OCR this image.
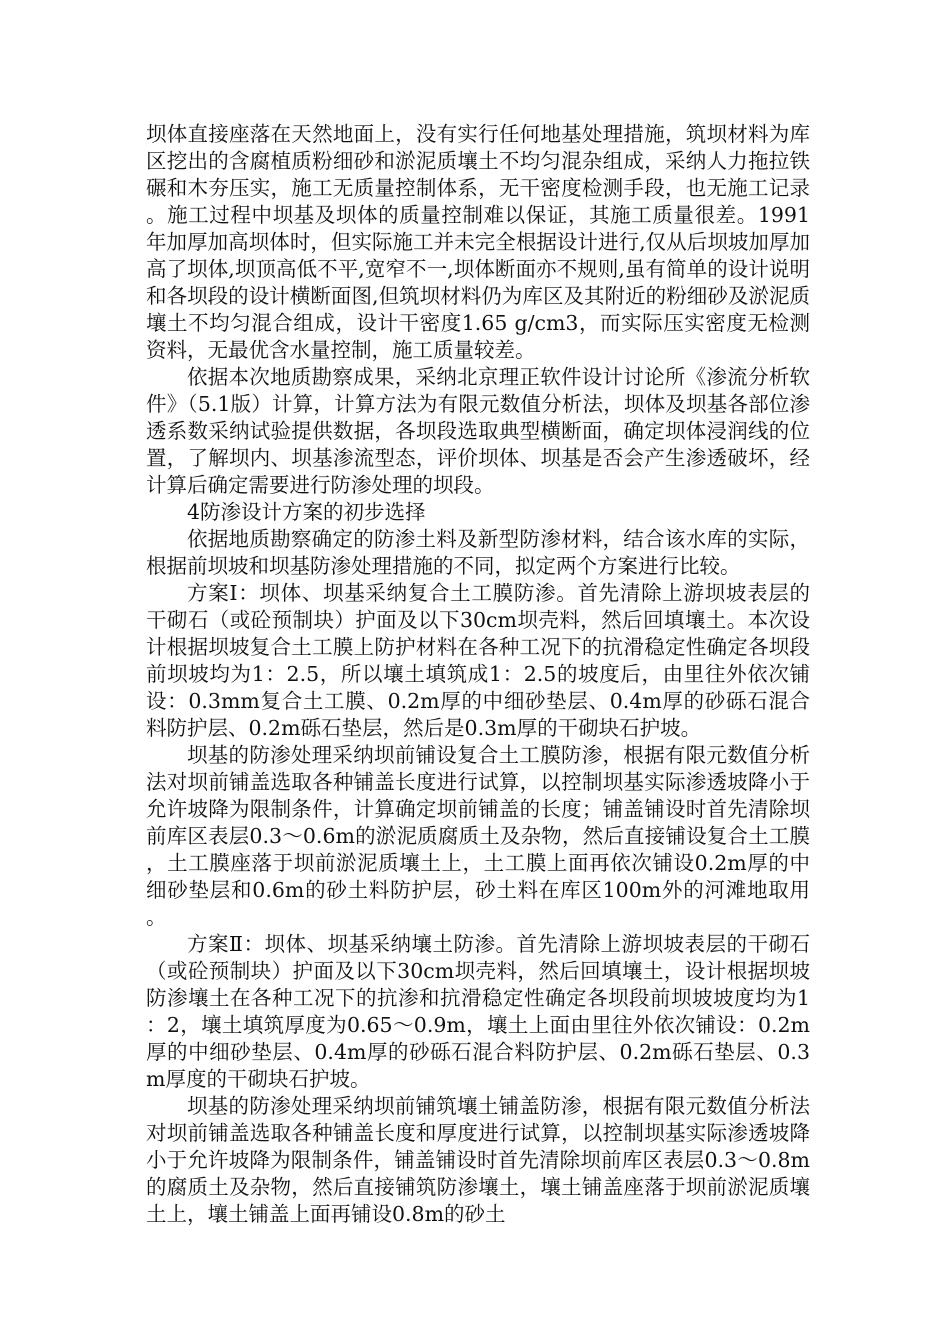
坝体直接座落在天然地面上，没有实行任何地基处理措施，筑坝材料为库区挖出的含腐植质粉细砂和淤泥质壤土不均匀混杂组成，采纳人力拖拉铁碾和木夯压实，施工无质量控制体系，无干密度检测手段，也无施工记录。施工过程中坝基及坝体的质量控制难以保证，其施工质量很差。1991年加厚加高坝体时，但实际施工并未完全根据设计进行,仅从后坝坡加厚加高了坝体,坝顶高低不平,宽窄不一,坝体断面亦不规则,虽有简单的设计说明和各坝段的设计横断面图,但筑坝材料仍为库区及其附近的粉细砂及淤泥质壤土不均匀混合组成，设计干密度1.65 g/cm3，而实际压实密度无检测资料，无最优含水量控制，施工质量较差。

依据本次地质勘察成果，采纳北京理正软件设计讨论所《渗流分析软件》（5.1版）计算，计算方法为有限元数值分析法，坝体及坝基各部位渗透系数采纳试验提供数据，各坝段选取典型横断面，确定坝体浸润线的位置，了解坝内、坝基渗流型态，评价坝体、坝基是否会产生渗透破坏，经计算后确定需要进行防渗处理的坝段。

4防渗设计方案的初步选择

依据地质勘察确定的防渗土料及新型防渗材料，结合该水库的实际，根据前坝坡和坝基防渗处理措施的不同，拟定两个方案进行比较。

方案Ⅰ：坝体、坝基采纳复合土工膜防渗。首先清除上游坝坡表层的干砌石（或砼预制块）护面及以下30cm坝壳料，然后回填壤土。本次设计根据坝坡复合土工膜上防护材料在各种工况下的抗滑稳定性确定各坝段前坝坡均为1：2.5，所以壤土填筑成1：2.5的坡度后，由里往外依次铺设：0.3mm复合土工膜、0.2m厚的中细砂垫层、0.4m厚的砂砾石混合料防护层、0.2m砾石垫层，然后是0.3m厚的干砌块石护坡。

坝基的防渗处理采纳坝前铺设复合土工膜防渗，根据有限元数值分析法对坝前铺盖选取各种铺盖长度进行试算，以控制坝基实际渗透坡降小于允许坡降为限制条件，计算确定坝前铺盖的长度；铺盖铺设时首先清除坝前库区表层0.3～0.6m的淤泥质腐质土及杂物，然后直接铺设复合土工膜，土工膜座落于坝前淤泥质壤土上，土工膜上面再依次铺设0.2m厚的中细砂垫层和0.6m的砂土料防护层，砂土料在库区100m外的河滩地取用。

方案Ⅱ：坝体、坝基采纳壤土防渗。首先清除上游坝坡表层的干砌石（或砼预制块）护面及以下30cm坝壳料，然后回填壤土，设计根据坝坡防渗壤土在各种工况下的抗渗和抗滑稳定性确定各坝段前坝坡坡度均为1：2，壤土填筑厚度为0.65～0.9m，壤土上面由里往外依次铺设：0.2m厚的中细砂垫层、0.4m厚的砂砾石混合料防护层、0.2m砾石垫层、0.3m厚度的干砌块石护坡。

坝基的防渗处理采纳坝前铺筑壤土铺盖防渗，根据有限元数值分析法对坝前铺盖选取各种铺盖长度和厚度进行试算，以控制坝基实际渗透坡降小于允许坡降为限制条件，铺盖铺设时首先清除坝前库区表层0.3～0.8m的腐质土及杂物，然后直接铺筑防渗壤土，壤土铺盖座落于坝前淤泥质壤土上，壤土铺盖上面再铺设0.8m的砂土
